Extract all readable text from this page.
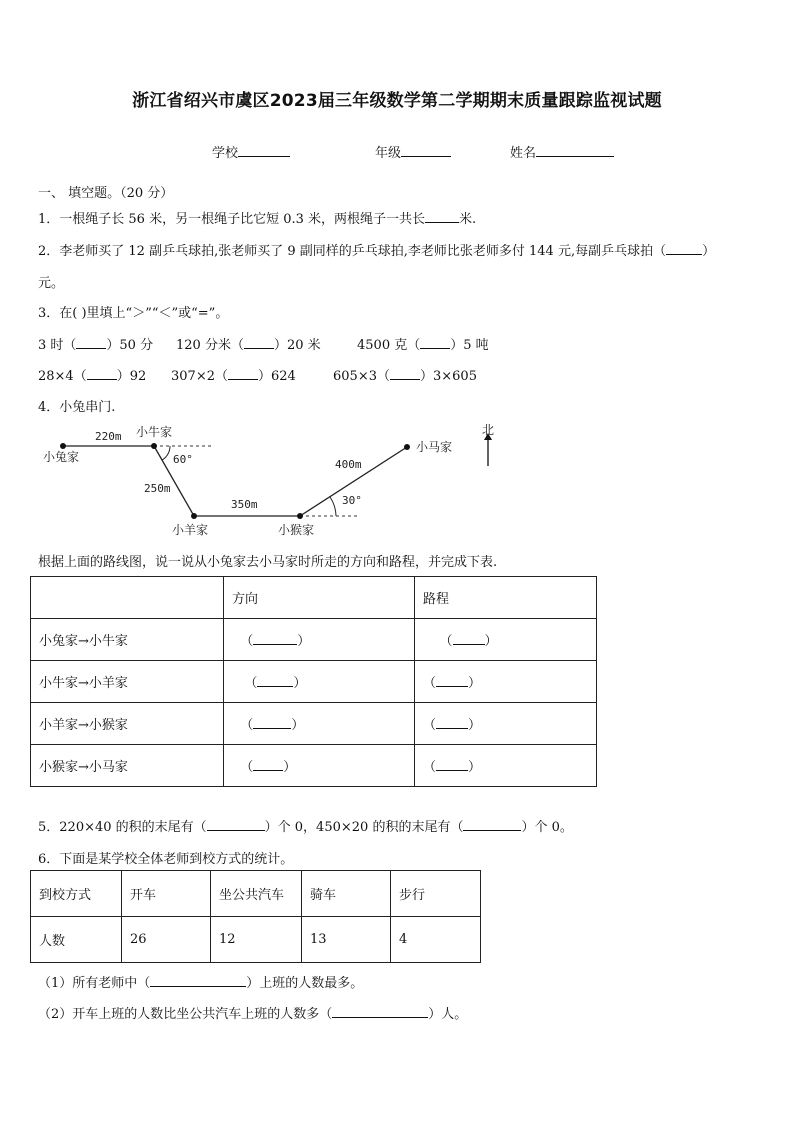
浙江省绍兴市虞区2023届三年级数学第二学期期末质量跟踪监视试题
学校	年级	姓名
一、 填空题。（20 分）
1．一根绳子长 56 米，另一根绳子比它短 0.3 米，两根绳子一共长	米.
2．李老师买了 12 副乒乓球拍,张老师买了 9 副同样的乒乓球拍,李老师比张老师多付 144 元,每副乒乓球拍（	）
元。
3．在( )里填上“＞”“＜”或“=”。
3 时（ ）50 分 120 分米（ ）20 米	4500 克（ ）5 吨
28×4（ ）92 307×2（ ）624	605×3（ ）3×605
4．小兔串门.
北
220m 小牛家
小兔家	60°
250m
350m
小羊家	小猴家
400m
30°
小马家
根据上面的路线图，说一说从小兔家去小马家时所走的方向和路程，并完成下表.
	方向	路程
小兔家→小牛家	（ ）	（ ）
小牛家→小羊家	（ ）	（ ）
小羊家→小猴家	（ ）	（ ）
小猴家→小马家	（ ）	（ ）
5．220×40 的积的末尾有（	）个 0，450×20 的积的末尾有（	）个 0。
6．下面是某学校全体老师到校方式的统计。
到校方式	开车	坐公共汽车	骑车	步行
人数	26	12	13	4
（1）所有老师中（	）上班的人数最多。
（2）开车上班的人数比坐公共汽车上班的人数多（	）人。
